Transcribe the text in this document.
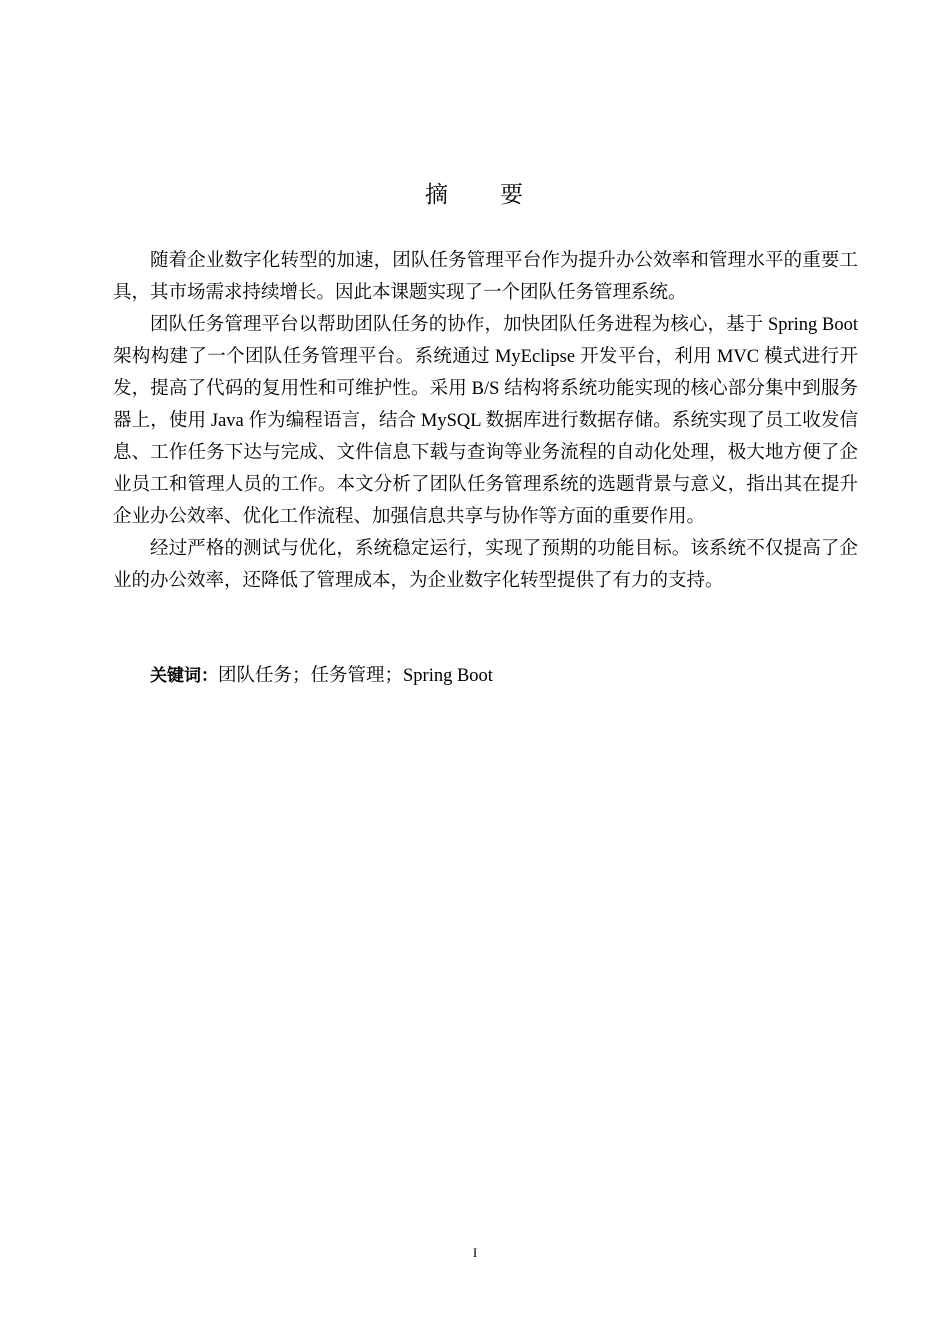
摘　　要

随着企业数字化转型的加速，团队任务管理平台作为提升办公效率和管理水平的重要工具，其市场需求持续增长。因此本课题实现了一个团队任务管理系统。

团队任务管理平台以帮助团队任务的协作，加快团队任务进程为核心，基于 Spring Boot 架构构建了一个团队任务管理平台。系统通过 MyEclipse 开发平台，利用 MVC 模式进行开发，提高了代码的复用性和可维护性。采用 B/S 结构将系统功能实现的核心部分集中到服务器上，使用 Java 作为编程语言，结合 MySQL 数据库进行数据存储。系统实现了员工收发信息、工作任务下达与完成、文件信息下载与查询等业务流程的自动化处理，极大地方便了企业员工和管理人员的工作。本文分析了团队任务管理系统的选题背景与意义，指出其在提升企业办公效率、优化工作流程、加强信息共享与协作等方面的重要作用。

经过严格的测试与优化，系统稳定运行，实现了预期的功能目标。该系统不仅提高了企业的办公效率，还降低了管理成本，为企业数字化转型提供了有力的支持。

关键词：团队任务；任务管理；Spring Boot
I
